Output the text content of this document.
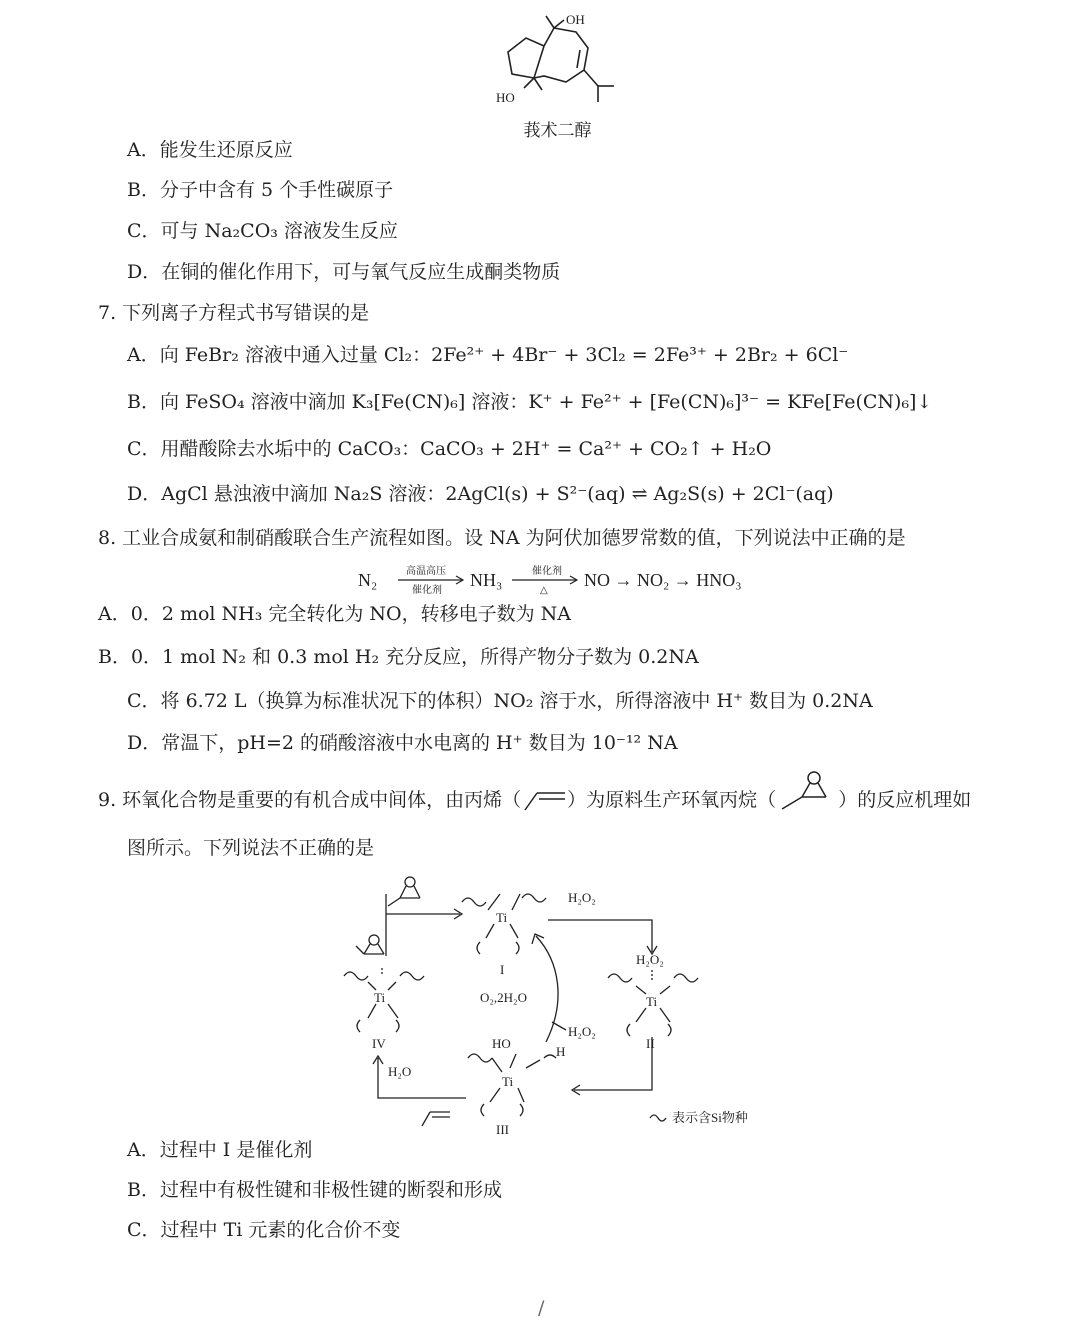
OH
HO
莪术二醇
A．能发生还原反应
B．分子中含有 5 个手性碳原子
C．可与 Na₂CO₃ 溶液发生反应
D．在铜的催化作用下，可与氧气反应生成酮类物质
7. 下列离子方程式书写错误的是
A．向 FeBr₂ 溶液中通入过量 Cl₂：2Fe²⁺ + 4Br⁻ + 3Cl₂ = 2Fe³⁺ + 2Br₂ + 6Cl⁻
B．向 FeSO₄ 溶液中滴加 K₃[Fe(CN)₆] 溶液：K⁺ + Fe²⁺ + [Fe(CN)₆]³⁻ = KFe[Fe(CN)₆]↓
C．用醋酸除去水垢中的 CaCO₃：CaCO₃ + 2H⁺ = Ca²⁺ + CO₂↑ + H₂O
D．AgCl 悬浊液中滴加 Na₂S 溶液：2AgCl(s) + S²⁻(aq) ⇌ Ag₂S(s) + 2Cl⁻(aq)
8. 工业合成氨和制硝酸联合生产流程如图。设 NA 为阿伏加德罗常数的值，下列说法中正确的是
N₂	高温高压
催化剂
NH₃	催化剂
△
NO → NO₂ → HNO₃
A．0．2 mol NH₃ 完全转化为 NO，转移电子数为 NA
B．0．1 mol N₂ 和 0.3 mol H₂ 充分反应，所得产物分子数为 0.2NA
C．将 6.72 L（换算为标准状况下的体积）NO₂ 溶于水，所得溶液中 H⁺ 数目为 0.2NA
D．常温下，pH=2 的硝酸溶液中水电离的 H⁺ 数目为 10⁻¹² NA
9. 环氧化合物是重要的有机合成中间体，由丙烯（ ）为原料生产环氧丙烷（	）的反应机理如
图所示。下列说法不正确的是
Ti
I
Ti
II
Ti
III
Ti
IV
H₂O₂
H₂O₂
O₂,2H₂O
H₂O₂
H₂O
HO
H
表示含Si物种
A．过程中 I 是催化剂
B．过程中有极性键和非极性键的断裂和形成
C．过程中 Ti 元素的化合价不变
/
